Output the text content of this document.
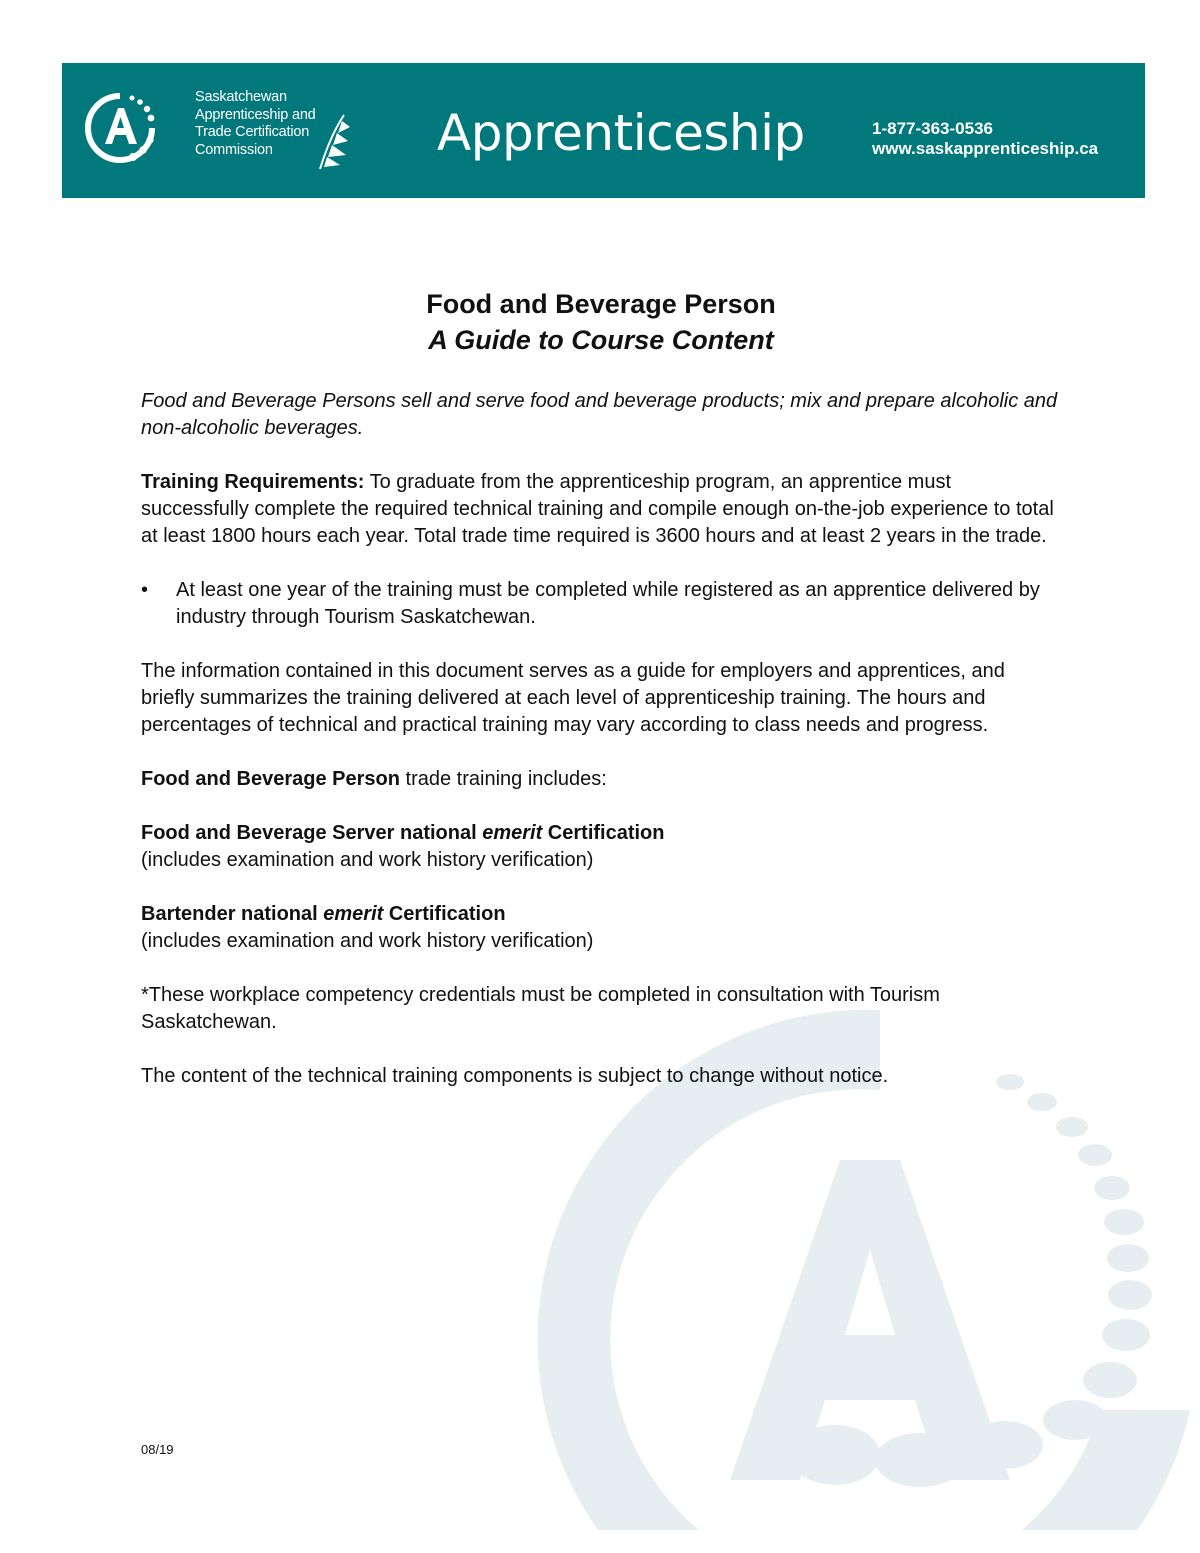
Saskatchewan
Apprenticeship and
Trade Certification
Commission	Apprenticeship	1-877-363-0536
www.saskapprenticeship.ca
Food and Beverage Person
A Guide to Course Content

Food and Beverage Persons sell and serve food and beverage products; mix and prepare alcoholic and non-alcoholic beverages.

Training Requirements: To graduate from the apprenticeship program, an apprentice must successfully complete the required technical training and compile enough on-the-job experience to total at least 1800 hours each year. Total trade time required is 3600 hours and at least 2 years in the trade.

•	At least one year of the training must be completed while registered as an apprentice delivered by industry through Tourism Saskatchewan.

The information contained in this document serves as a guide for employers and apprentices, and briefly summarizes the training delivered at each level of apprenticeship training. The hours and percentages of technical and practical training may vary according to class needs and progress.

Food and Beverage Person trade training includes:

Food and Beverage Server national emerit Certification

(includes examination and work history verification)

Bartender national emerit Certification

(includes examination and work history verification)

*These workplace competency credentials must be completed in consultation with Tourism Saskatchewan.

The content of the technical training components is subject to change without notice.

08/19
